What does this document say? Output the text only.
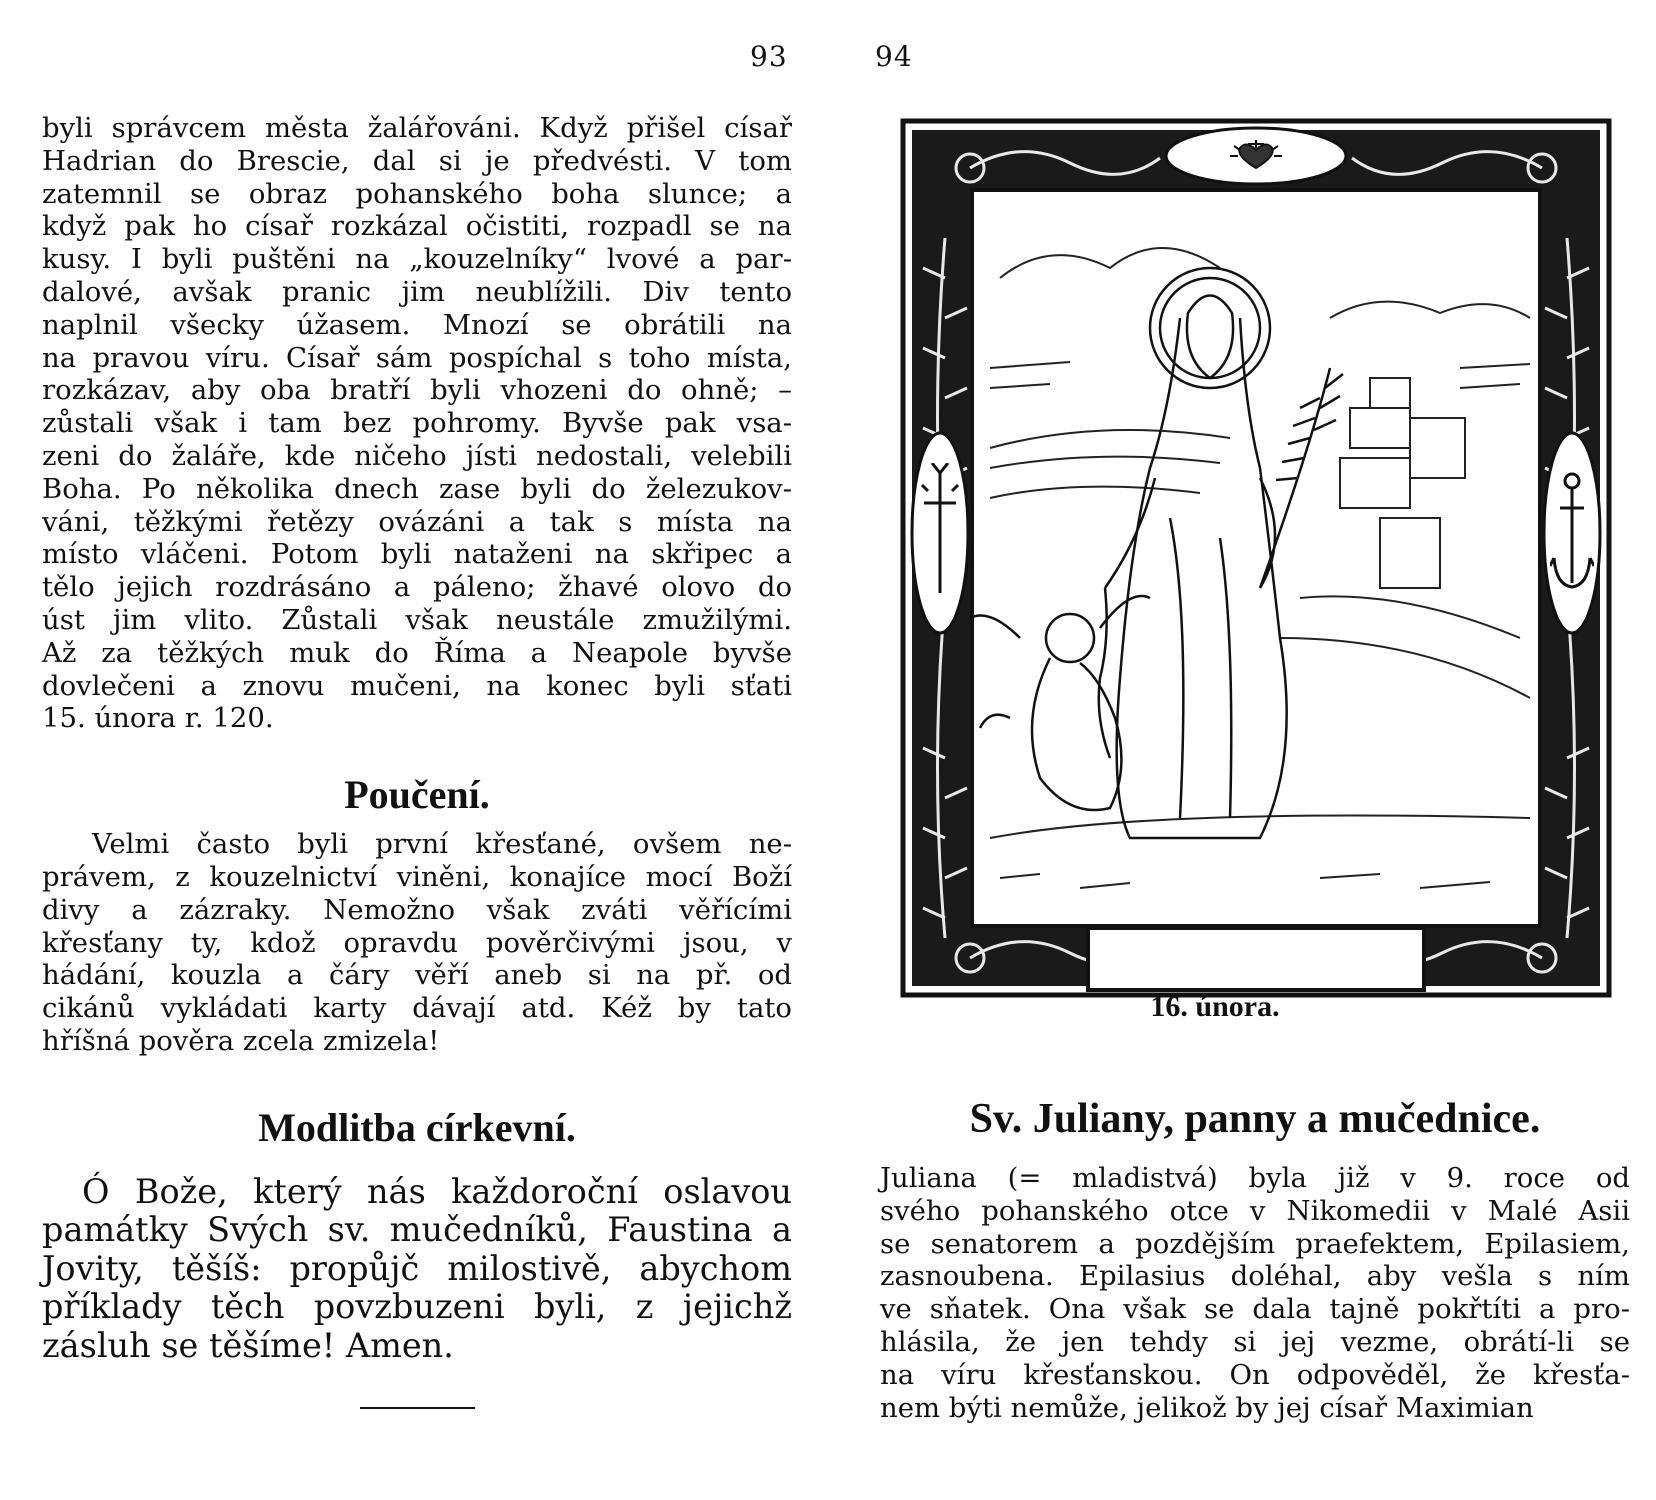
93	94
byli správcem města žalářováni. Když přišel císař
Hadrian do Brescie, dal si je předvésti. V tom
zatemnil se obraz pohanského boha slunce; a
když pak ho císař rozkázal očistiti, rozpadl se na
kusy. I byli puštěni na „kouzelníky“ lvové a par-
dalové, avšak pranic jim neublížili. Div tento
naplnil všecky úžasem. Mnozí se obrátili na
na pravou víru. Císař sám pospíchal s toho místa,
rozkázav, aby oba bratří byli vhozeni do ohně; –
zůstali však i tam bez pohromy. Byvše pak vsa-
zeni do žaláře, kde ničeho jísti nedostali, velebili
Boha. Po několika dnech zase byli do železukov-
váni, těžkými řetězy ovázáni a tak s místa na
místo vláčeni. Potom byli nataženi na skřipec a
tělo jejich rozdrásáno a páleno; žhavé olovo do
úst jim vlito. Zůstali však neustále zmužilými.
Až za těžkých muk do Říma a Neapole byvše
dovlečeni a znovu mučeni, na konec byli sťati
15. února r. 120.
Poučení.
Velmi často byli první křesťané, ovšem ne-
právem, z kouzelnictví viněni, konajíce mocí Boží
divy a zázraky. Nemožno však zváti věřícími
křesťany ty, kdož opravdu pověrčivými jsou, v
hádání, kouzla a čáry věří aneb si na př. od
cikánů vykládati karty dávají atd. Kéž by tato
hříšná pověra zcela zmizela!
Modlitba církevní.
Ó Bože, který nás každoroční oslavou
památky Svých sv. mučedníků, Faustina a
Jovity, těšíš: propůjč milostivě, abychom
příklady těch povzbuzeni byli, z jejichž
zásluh se těšíme! Amen.
16. února.
Sv. Juliany, panny a mučednice.
Juliana (= mladistvá) byla již v 9. roce od
svého pohanského otce v Nikomedii v Malé Asii
se senatorem a pozdějším praefektem, Epilasiem,
zasnoubena. Epilasius doléhal, aby vešla s ním
ve sňatek. Ona však se dala tajně pokřtíti a pro-
hlásila, že jen tehdy si jej vezme, obrátí-li se
na víru křesťanskou. On odpověděl, že křesťa-
nem býti nemůže, jelikož by jej císař Maximian
